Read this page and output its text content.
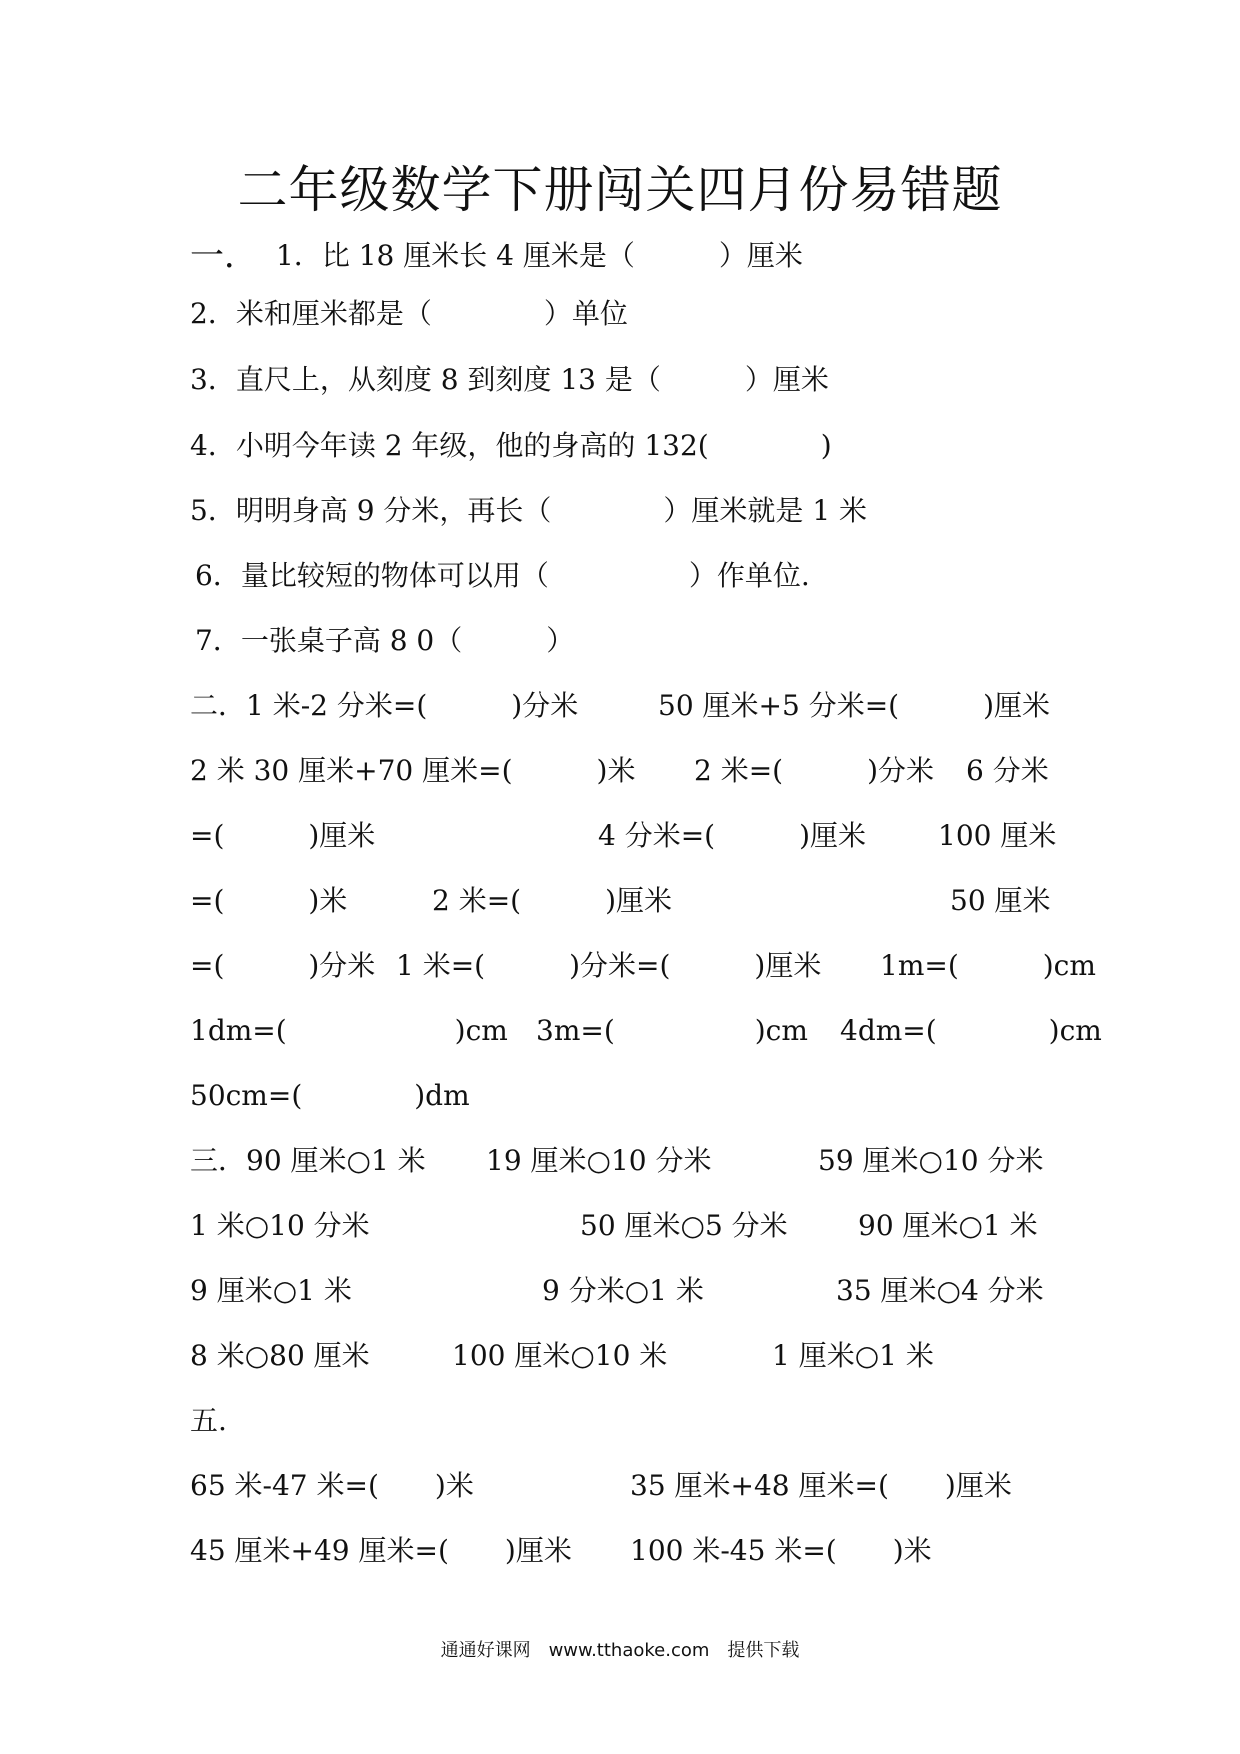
二年级数学下册闯关四月份易错题
一． 1．比 18 厘米长 4 厘米是（　　　）厘米
2．米和厘米都是（　　　　）单位
3．直尺上，从刻度 8 到刻度 13 是（　　　）厘米
4．小明今年读 2 年级，他的身高的 132(　　　　)
5．明明身高 9 分米，再长（　　　　）厘米就是 1 米
6．量比较短的物体可以用（　　　　　）作单位.
7．一张桌子高 8 0（　　　）
二．1 米-2 分米=(　　　)分米	50 厘米+5 分米=(　　　)厘米
2 米 30 厘米+70 厘米=(　　　)米 2 米=(　　　)分米 6 分米
=(　　　)厘米	4 分米=(　　　)厘米	100 厘米
=(　　　)米	2 米=(　　　)厘米	50 厘米
=(　　　)分米 1 米=(　　　)分米=(　　　)厘米 1m=(　　　)cm
1dm=(　　　　　　)cm 3m=(　　　　　)cm 4dm=(　　　　)cm
50cm=(　　　　)dm
三．90 厘米○1 米 19 厘米○10 分米	59 厘米○10 分米
1 米○10 分米	50 厘米○5 分米	90 厘米○1 米
9 厘米○1 米	9 分米○1 米	35 厘米○4 分米
8 米○80 厘米	100 厘米○10 米	1 厘米○1 米
五.
65 米-47 米=(　　)米	35 厘米+48 厘米=(　　)厘米
45 厘米+49 厘米=(　　)厘米 100 米-45 米=(　　)米
通通好课网　www.tthaoke.com　提供下载
